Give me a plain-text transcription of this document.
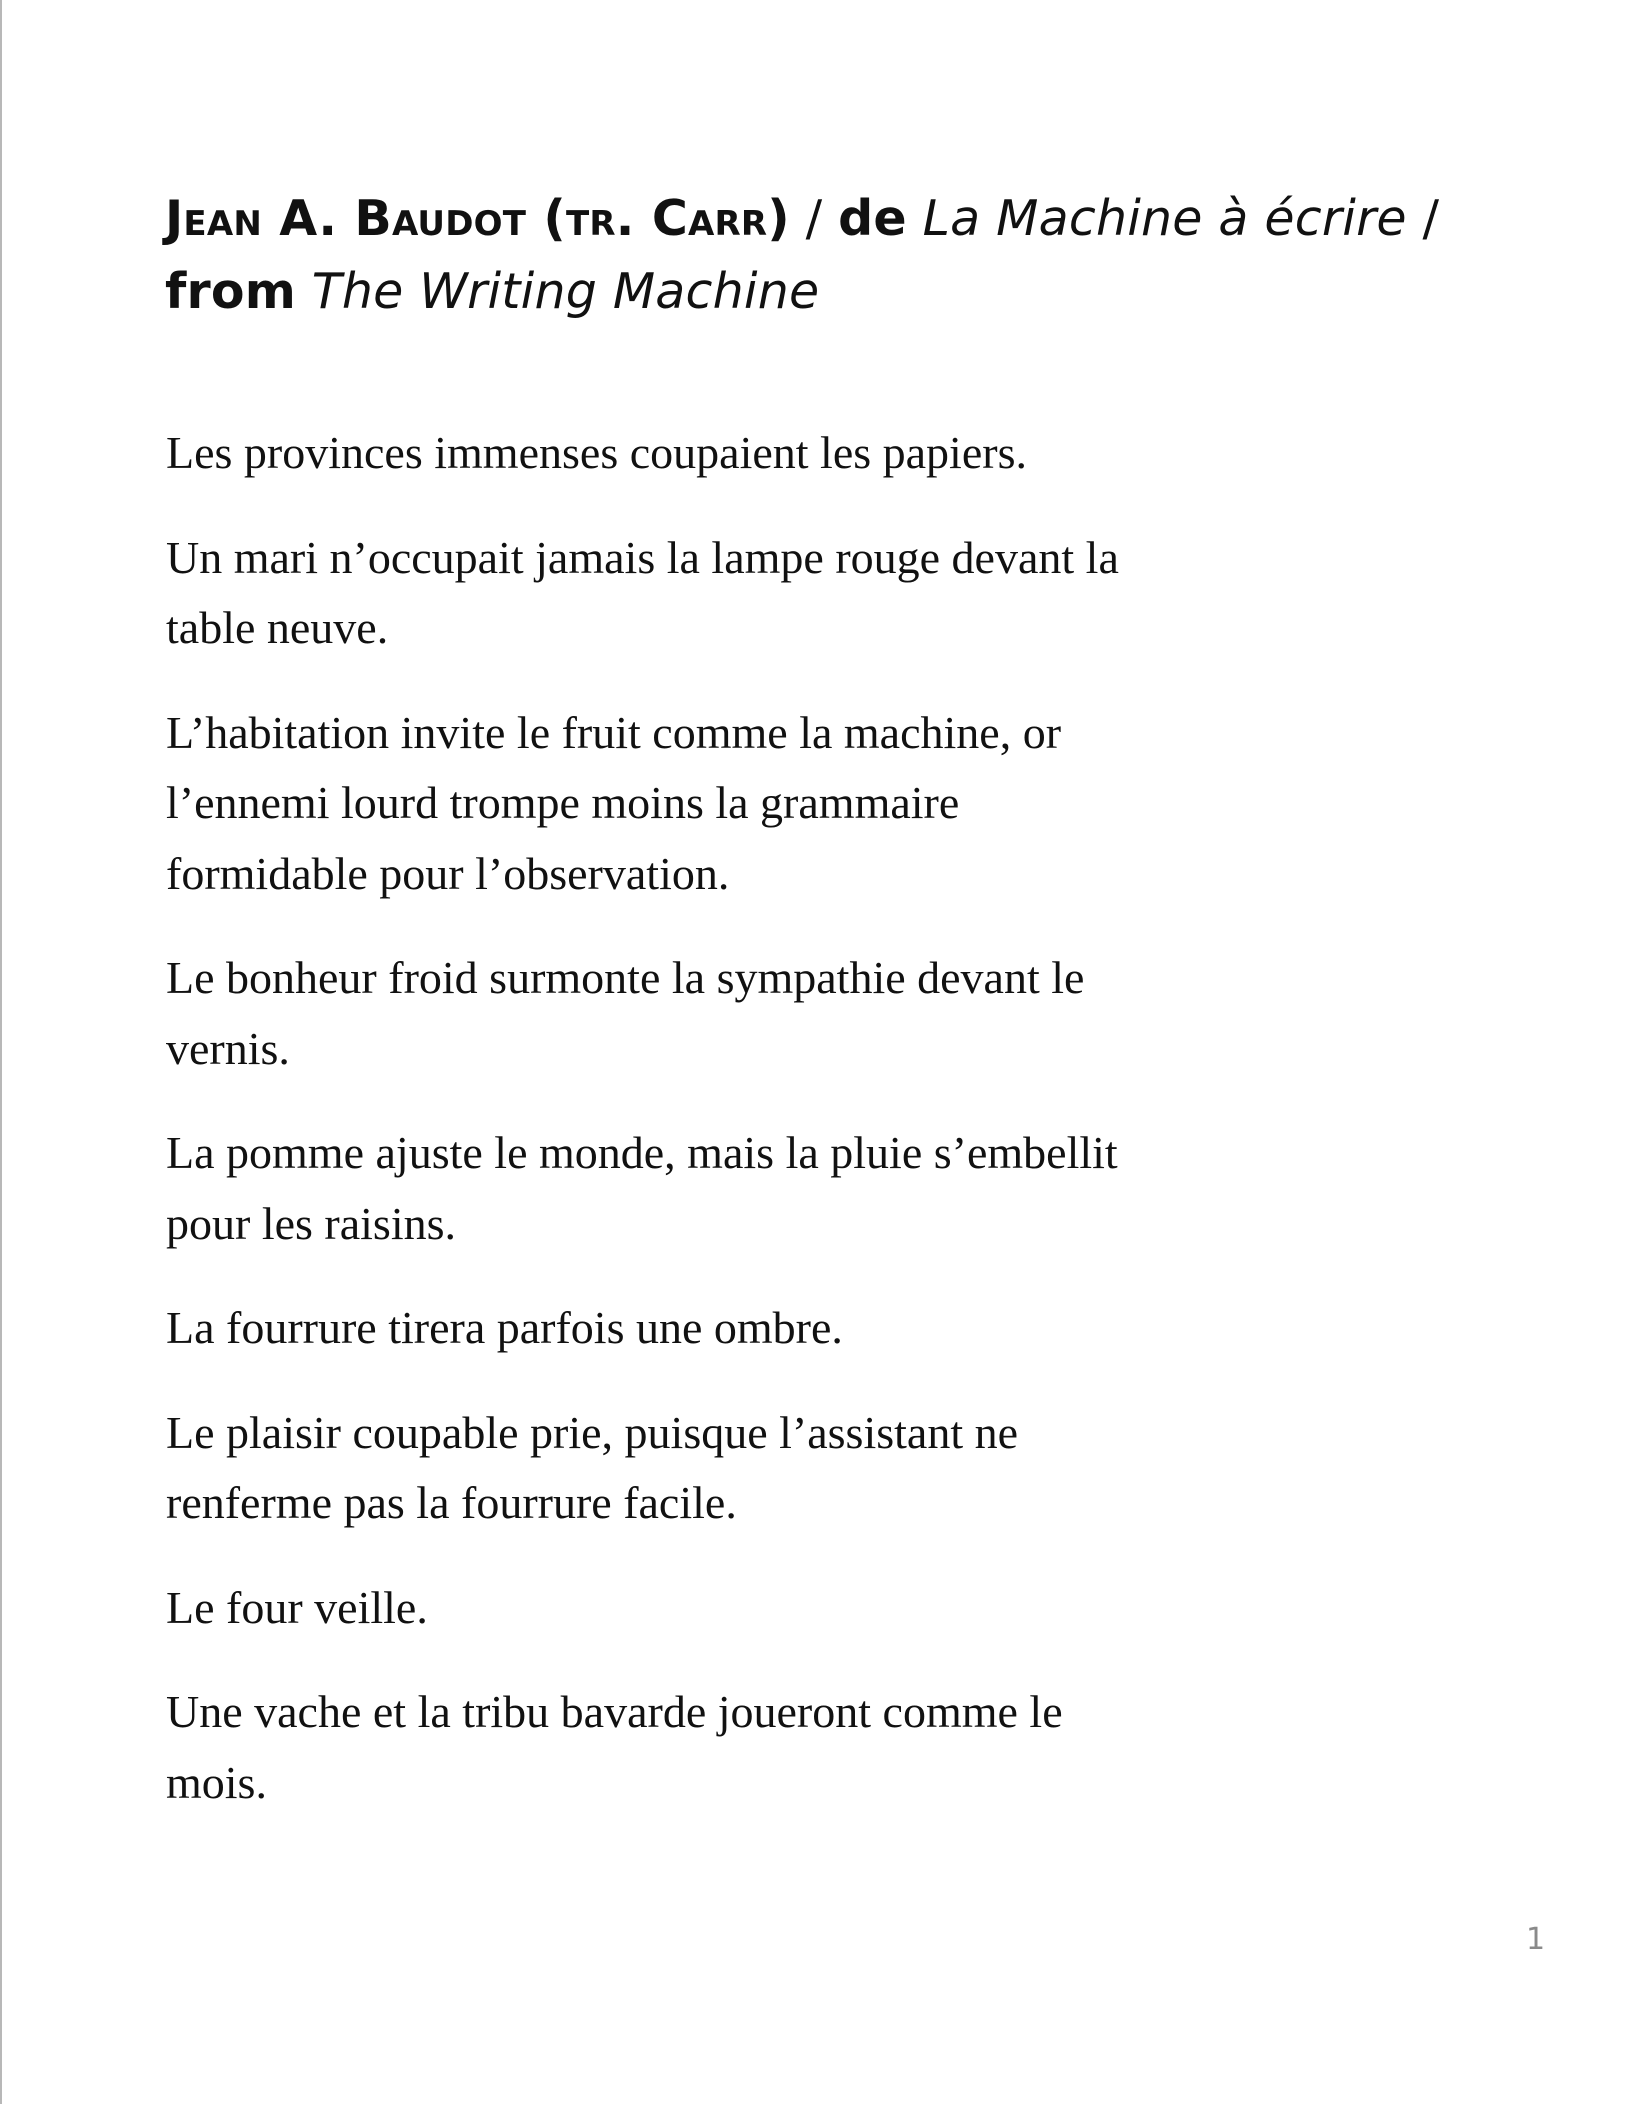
Jean A. Baudot (tr. Carr) / de La Machine à écrire /
from The Writing Machine

Les provinces immenses coupaient les papiers.

Un mari n’occupait jamais la lampe rouge devant la
table neuve.

L’habitation invite le fruit comme la machine, or
l’ennemi lourd trompe moins la grammaire
formidable pour l’observation.

Le bonheur froid surmonte la sympathie devant le
vernis.

La pomme ajuste le monde, mais la pluie s’embellit
pour les raisins.

La fourrure tirera parfois une ombre.

Le plaisir coupable prie, puisque l’assistant ne
renferme pas la fourrure facile.

Le four veille.

Une vache et la tribu bavarde joueront comme le
mois.

1
